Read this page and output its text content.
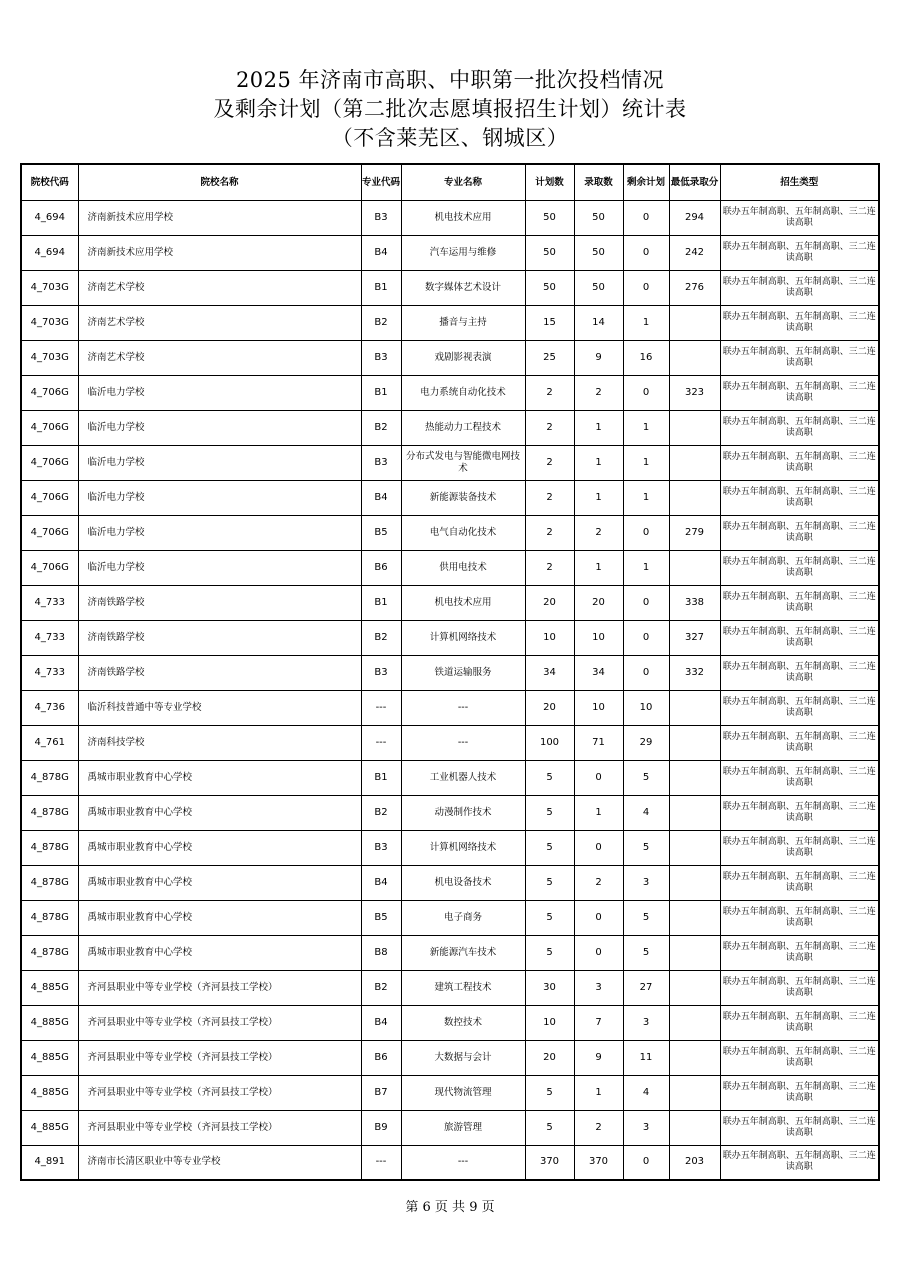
2025 年济南市高职、中职第一批次投档情况
及剩余计划（第二批次志愿填报招生计划）统计表
（不含莱芜区、钢城区）
院校代码	院校名称	专业代码	专业名称	计划数	录取数	剩余计划	最低录取分	招生类型
4_694	济南新技术应用学校	B3	机电技术应用	50	50	0	294	联办五年制高职、五年制高职、三二连读高职
4_694	济南新技术应用学校	B4	汽车运用与维修	50	50	0	242	联办五年制高职、五年制高职、三二连读高职
4_703G	济南艺术学校	B1	数字媒体艺术设计	50	50	0	276	联办五年制高职、五年制高职、三二连读高职
4_703G	济南艺术学校	B2	播音与主持	15	14	1		联办五年制高职、五年制高职、三二连读高职
4_703G	济南艺术学校	B3	戏剧影视表演	25	9	16		联办五年制高职、五年制高职、三二连读高职
4_706G	临沂电力学校	B1	电力系统自动化技术	2	2	0	323	联办五年制高职、五年制高职、三二连读高职
4_706G	临沂电力学校	B2	热能动力工程技术	2	1	1		联办五年制高职、五年制高职、三二连读高职
4_706G	临沂电力学校	B3	分布式发电与智能微电网技术	2	1	1		联办五年制高职、五年制高职、三二连读高职
4_706G	临沂电力学校	B4	新能源装备技术	2	1	1		联办五年制高职、五年制高职、三二连读高职
4_706G	临沂电力学校	B5	电气自动化技术	2	2	0	279	联办五年制高职、五年制高职、三二连读高职
4_706G	临沂电力学校	B6	供用电技术	2	1	1		联办五年制高职、五年制高职、三二连读高职
4_733	济南铁路学校	B1	机电技术应用	20	20	0	338	联办五年制高职、五年制高职、三二连读高职
4_733	济南铁路学校	B2	计算机网络技术	10	10	0	327	联办五年制高职、五年制高职、三二连读高职
4_733	济南铁路学校	B3	铁道运输服务	34	34	0	332	联办五年制高职、五年制高职、三二连读高职
4_736	临沂科技普通中等专业学校	---	---	20	10	10		联办五年制高职、五年制高职、三二连读高职
4_761	济南科技学校	---	---	100	71	29		联办五年制高职、五年制高职、三二连读高职
4_878G	禹城市职业教育中心学校	B1	工业机器人技术	5	0	5		联办五年制高职、五年制高职、三二连读高职
4_878G	禹城市职业教育中心学校	B2	动漫制作技术	5	1	4		联办五年制高职、五年制高职、三二连读高职
4_878G	禹城市职业教育中心学校	B3	计算机网络技术	5	0	5		联办五年制高职、五年制高职、三二连读高职
4_878G	禹城市职业教育中心学校	B4	机电设备技术	5	2	3		联办五年制高职、五年制高职、三二连读高职
4_878G	禹城市职业教育中心学校	B5	电子商务	5	0	5		联办五年制高职、五年制高职、三二连读高职
4_878G	禹城市职业教育中心学校	B8	新能源汽车技术	5	0	5		联办五年制高职、五年制高职、三二连读高职
4_885G	齐河县职业中等专业学校（齐河县技工学校）	B2	建筑工程技术	30	3	27		联办五年制高职、五年制高职、三二连读高职
4_885G	齐河县职业中等专业学校（齐河县技工学校）	B4	数控技术	10	7	3		联办五年制高职、五年制高职、三二连读高职
4_885G	齐河县职业中等专业学校（齐河县技工学校）	B6	大数据与会计	20	9	11		联办五年制高职、五年制高职、三二连读高职
4_885G	齐河县职业中等专业学校（齐河县技工学校）	B7	现代物流管理	5	1	4		联办五年制高职、五年制高职、三二连读高职
4_885G	齐河县职业中等专业学校（齐河县技工学校）	B9	旅游管理	5	2	3		联办五年制高职、五年制高职、三二连读高职
4_891	济南市长清区职业中等专业学校	---	---	370	370	0	203	联办五年制高职、五年制高职、三二连读高职
第 6 页 共 9 页
